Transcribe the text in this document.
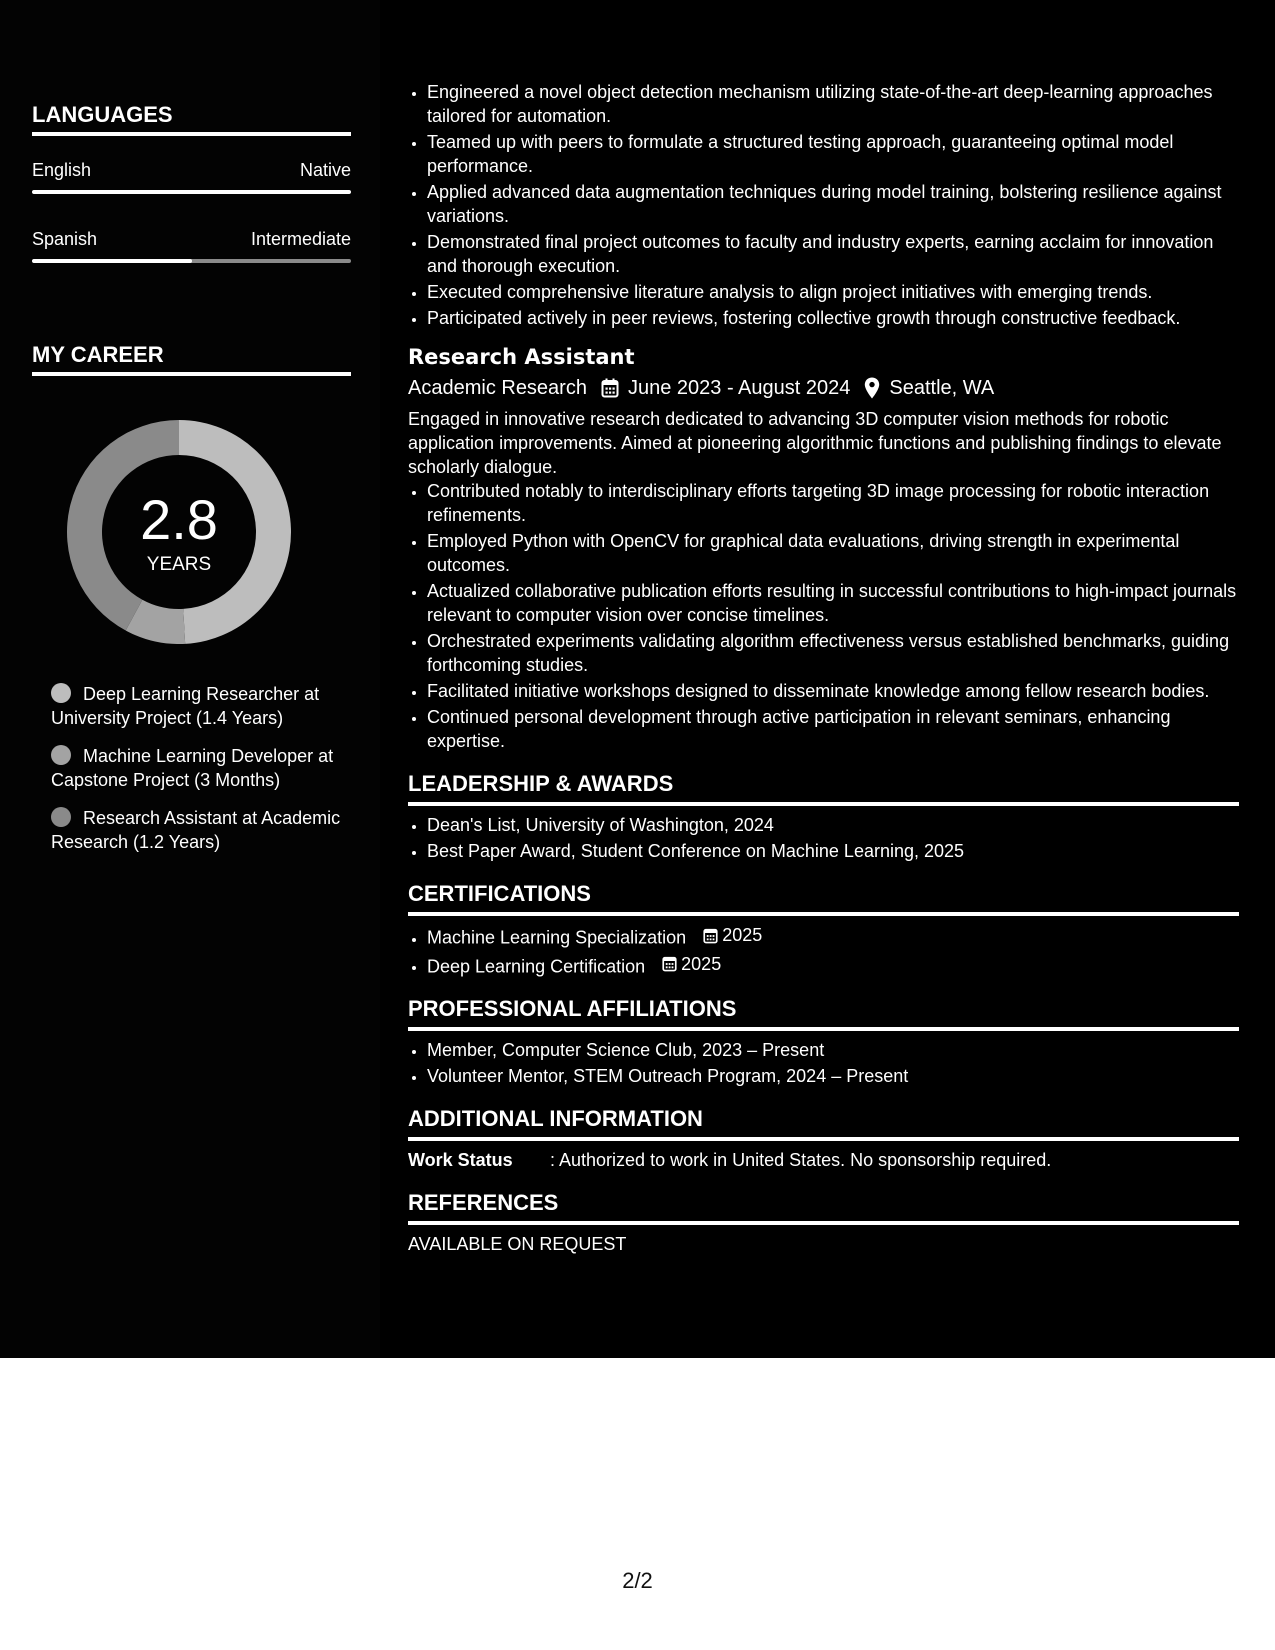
LANGUAGES
English	Native
Spanish	Intermediate
MY CAREER
2.8
YEARS
Deep Learning Researcher at University Project (1.4 Years)
Machine Learning Developer at Capstone Project (3 Months)
Research Assistant at Academic Research (1.2 Years)
• Engineered a novel object detection mechanism utilizing state-of-the-art deep-learning approaches tailored for automation.
• Teamed up with peers to formulate a structured testing approach, guaranteeing optimal model performance.
• Applied advanced data augmentation techniques during model training, bolstering resilience against variations.
• Demonstrated final project outcomes to faculty and industry experts, earning acclaim for innovation and thorough execution.
• Executed comprehensive literature analysis to align project initiatives with emerging trends.
• Participated actively in peer reviews, fostering collective growth through constructive feedback.
Research Assistant
Academic Research June 2023 - August 2024 Seattle, WA
Engaged in innovative research dedicated to advancing 3D computer vision methods for robotic application improvements. Aimed at pioneering algorithmic functions and publishing findings to elevate scholarly dialogue.
• Contributed notably to interdisciplinary efforts targeting 3D image processing for robotic interaction refinements.
• Employed Python with OpenCV for graphical data evaluations, driving strength in experimental outcomes.
• Actualized collaborative publication efforts resulting in successful contributions to high-impact journals relevant to computer vision over concise timelines.
• Orchestrated experiments validating algorithm effectiveness versus established benchmarks, guiding forthcoming studies.
• Facilitated initiative workshops designed to disseminate knowledge among fellow research bodies.
• Continued personal development through active participation in relevant seminars, enhancing expertise.
LEADERSHIP & AWARDS
• Dean's List, University of Washington, 2024
• Best Paper Award, Student Conference on Machine Learning, 2025
CERTIFICATIONS
• Machine Learning Specialization 2025
• Deep Learning Certification 2025
PROFESSIONAL AFFILIATIONS
• Member, Computer Science Club, 2023 – Present
• Volunteer Mentor, STEM Outreach Program, 2024 – Present
ADDITIONAL INFORMATION
Work Status	: Authorized to work in United States. No sponsorship required.
REFERENCES
AVAILABLE ON REQUEST
2/2
